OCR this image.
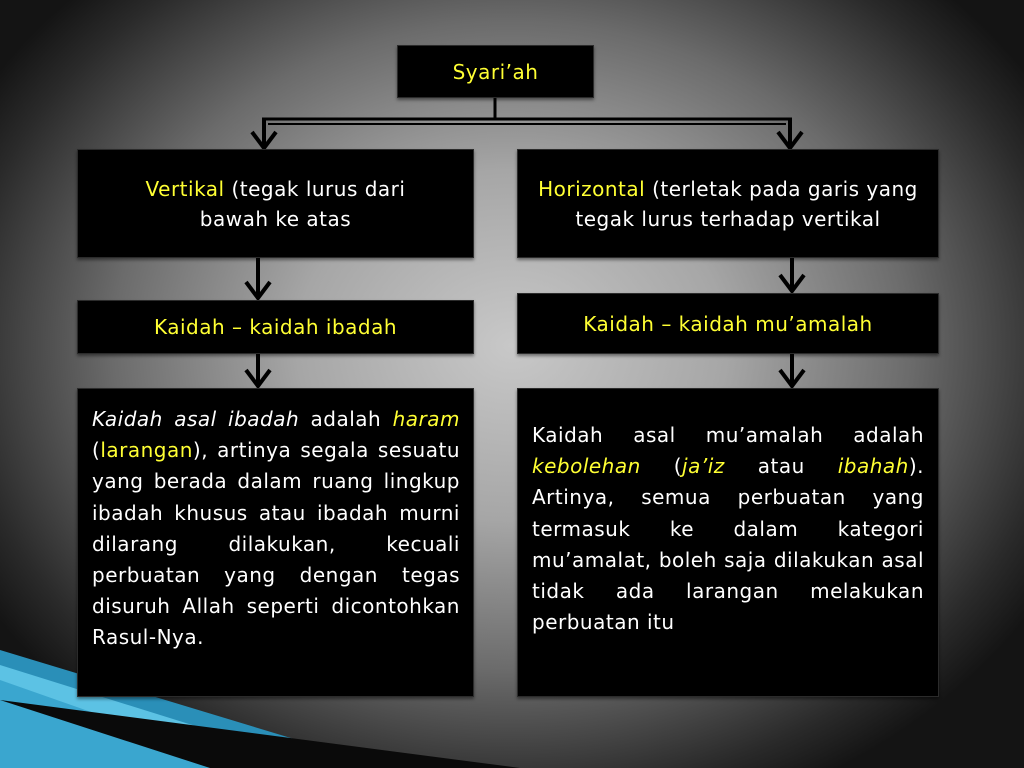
Syari’ah
Vertikal (tegak lurus dari bawah ke atas
Horizontal (terletak pada garis yang tegak lurus terhadap vertikal
Kaidah – kaidah ibadah	Kaidah – kaidah mu’amalah
Kaidah asal ibadah adalah haram (larangan), artinya segala sesuatu yang berada dalam ruang lingkup ibadah khusus atau ibadah murni dilarang dilakukan, kecuali perbuatan yang dengan tegas disuruh Allah seperti dicontohkan Rasul-Nya.
Kaidah asal mu’amalah adalah kebolehan (ja’iz atau ibahah). Artinya, semua perbuatan yang termasuk ke dalam kategori mu’amalat, boleh saja dilakukan asal tidak ada larangan melakukan perbuatan itu
